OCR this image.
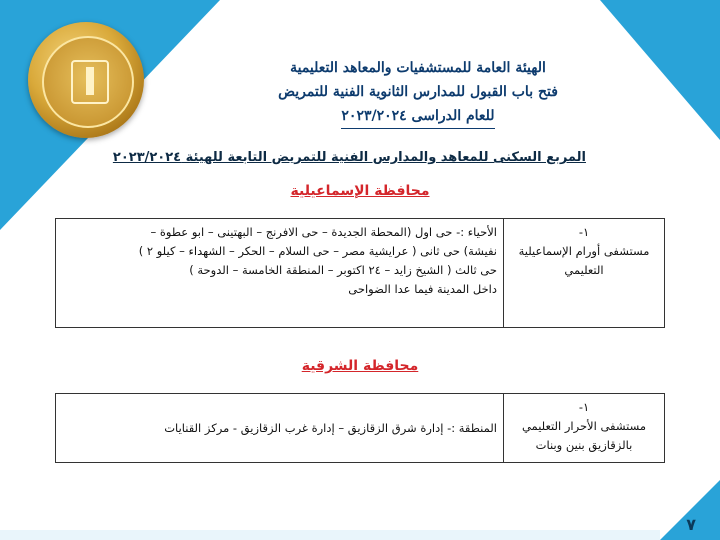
الهيئة العامة للمستشفيات والمعاهد التعليمية
فتح باب القبول للمدارس الثانوية الفنية للتمريض
للعام الدراسى ٢٠٢٣/٢٠٢٤
المربع السكنى للمعاهد والمدارس الفنية للتمريض التابعة للهيئة ٢٠٢٣/٢٠٢٤
محافظة الإسماعيلية
١-
مستشفى أورام الإسماعيلية التعليمي

الأحياء :- حى اول (المحطة الجديدة – حى الافرنج – البهتينى – ابو عطوة –
نفيشة) حى ثانى ( عرايشية مصر – حى السلام – الحكر – الشهداء – كيلو ٢ )
حى ثالث ( الشيخ زايد – ٢٤ اكتوبر – المنطقة الخامسة – الدوحة )
داخل المدينة فيما عدا الضواحى
محافظة الشرقية
١-
مستشفى الأحرار التعليمي بالزقازيق بنين وبنات

المنطقة :- إدارة شرق الزقازيق – إدارة غرب الزقازيق - مركز القنايات
٧
